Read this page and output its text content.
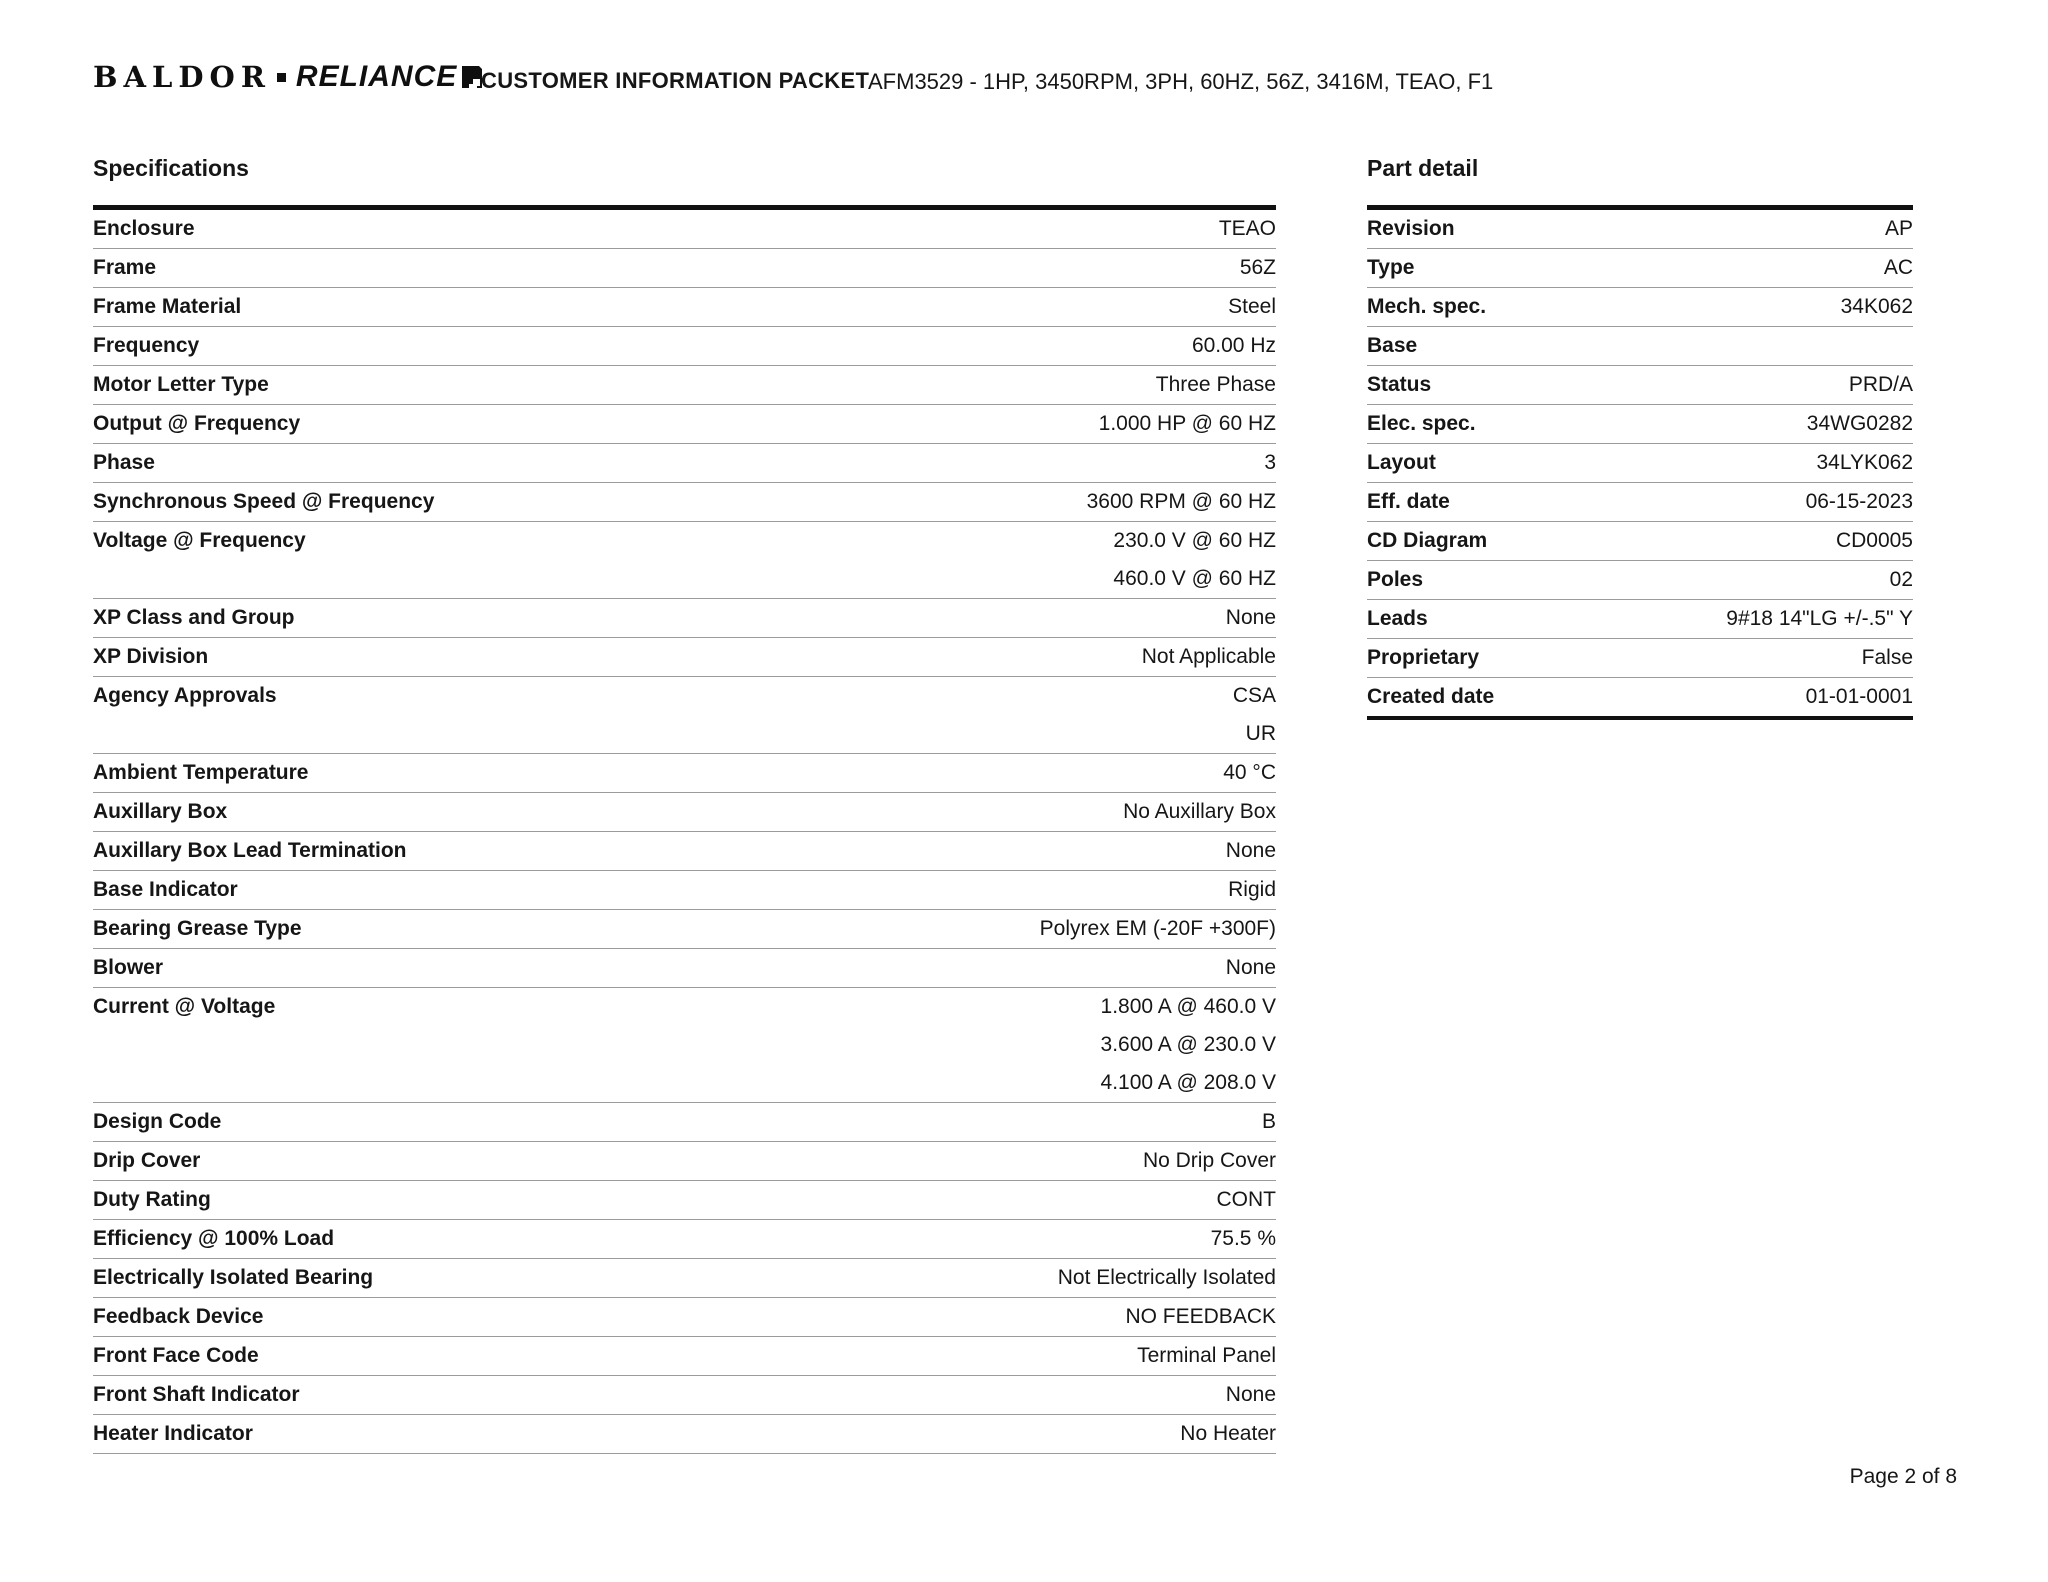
BALDOR RELIANCE CUSTOMER INFORMATION PACKET
AFM3529 - 1HP, 3450RPM, 3PH, 60HZ, 56Z, 3416M, TEAO, F1
Specifications	Part detail
Enclosure	TEAO
Frame	56Z
Frame Material	Steel
Frequency	60.00 Hz
Motor Letter Type	Three Phase
Output @ Frequency	1.000 HP @ 60 HZ
Phase	3
Synchronous Speed @ Frequency	3600 RPM @ 60 HZ
Voltage @ Frequency	230.0 V @ 60 HZ
460.0 V @ 60 HZ
XP Class and Group	None
XP Division	Not Applicable
Agency Approvals	CSA
UR
Ambient Temperature	40 °C
Auxillary Box	No Auxillary Box
Auxillary Box Lead Termination	None
Base Indicator	Rigid
Bearing Grease Type	Polyrex EM (-20F +300F)
Blower	None
Current @ Voltage	1.800 A @ 460.0 V
3.600 A @ 230.0 V
4.100 A @ 208.0 V
Design Code	B
Drip Cover	No Drip Cover
Duty Rating	CONT
Efficiency @ 100% Load	75.5 %
Electrically Isolated Bearing	Not Electrically Isolated
Feedback Device	NO FEEDBACK
Front Face Code	Terminal Panel
Front Shaft Indicator	None
Heater Indicator	No Heater
Revision	AP
Type	AC
Mech. spec.	34K062
Base
Status	PRD/A
Elec. spec.	34WG0282
Layout	34LYK062
Eff. date	06-15-2023
CD Diagram	CD0005
Poles	02
Leads	9#18 14"LG +/-.5" Y
Proprietary	False
Created date	01-01-0001
Page 2 of 8
